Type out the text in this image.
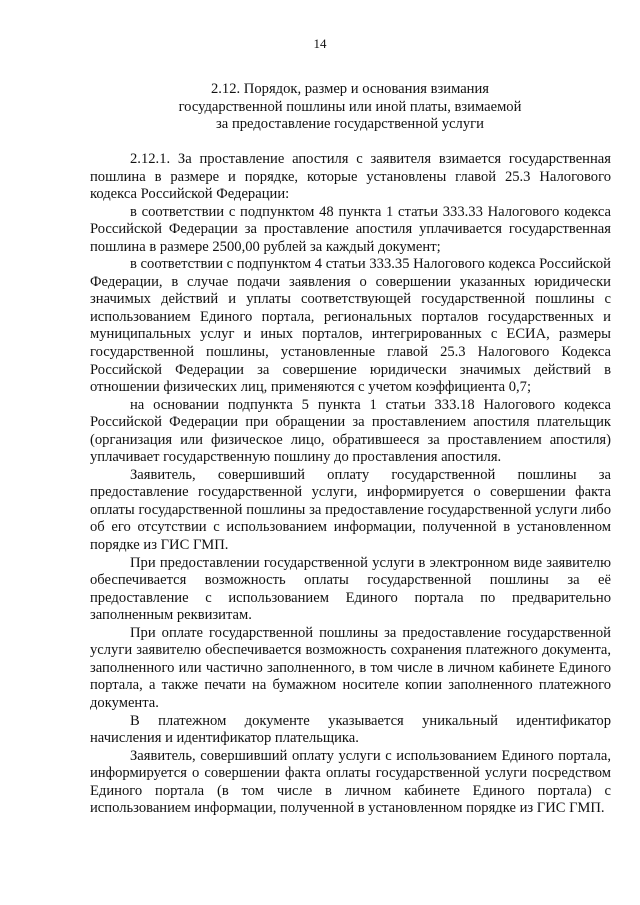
14
2.12. Порядок, размер и основания взимания
государственной пошлины или иной платы, взимаемой
за предоставление государственной услуги

2.12.1. За проставление апостиля с заявителя взимается государственная пошлина в размере и порядке, которые установлены главой 25.3 Налогового кодекса Российской Федерации:

в соответствии с подпунктом 48 пункта 1 статьи 333.33 Налогового кодекса Российской Федерации за проставление апостиля уплачивается государственная пошлина в размере 2500,00 рублей за каждый документ;

в соответствии с подпунктом 4 статьи 333.35 Налогового кодекса Российской Федерации, в случае подачи заявления о совершении указанных юридически значимых действий и уплаты соответствующей государственной пошлины с использованием Единого портала, региональных порталов государственных и муниципальных услуг и иных порталов, интегрированных с ЕСИА, размеры государственной пошлины, установленные главой 25.3 Налогового Кодекса Российской Федерации за совершение юридически значимых действий в отношении физических лиц, применяются с учетом коэффициента 0,7;

на основании подпункта 5 пункта 1 статьи 333.18 Налогового кодекса Российской Федерации при обращении за проставлением апостиля плательщик (организация или физическое лицо, обратившееся за проставлением апостиля) уплачивает государственную пошлину до проставления апостиля.

Заявитель, совершивший оплату государственной пошлины за предоставление государственной услуги, информируется о совершении факта оплаты государственной пошлины за предоставление государственной услуги либо об его отсутствии с использованием информации, полученной в установленном порядке из ГИС ГМП.

При предоставлении государственной услуги в электронном виде заявителю обеспечивается возможность оплаты государственной пошлины за её предоставление с использованием Единого портала по предварительно заполненным реквизитам.

При оплате государственной пошлины за предоставление государственной услуги заявителю обеспечивается возможность сохранения платежного документа, заполненного или частично заполненного, в том числе в личном кабинете Единого портала, а также печати на бумажном носителе копии заполненного платежного документа.

В платежном документе указывается уникальный идентификатор начисления и идентификатор плательщика.

Заявитель, совершивший оплату услуги с использованием Единого портала, информируется о совершении факта оплаты государственной услуги посредством Единого портала (в том числе в личном кабинете Единого портала) с использованием информации, полученной в установленном порядке из ГИС ГМП.
